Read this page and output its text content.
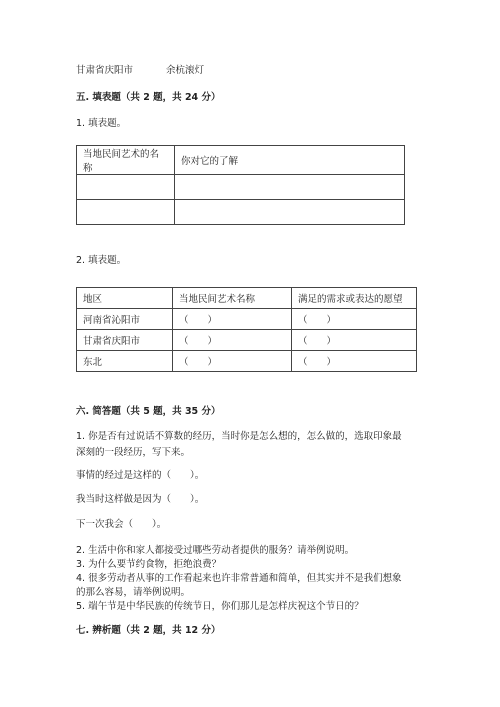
甘肃省庆阳市	余杭滚灯
五. 填表题（共 2 题，共 24 分）
1. 填表题。
当地民间艺术的名称	你对它的了解

2. 填表题。
地区	当地民间艺术名称	满足的需求或表达的愿望
河南省沁阳市	（　　）	（　　）
甘肃省庆阳市	（　　）	（　　）
东北	（　　）	（　　）
六. 简答题（共 5 题，共 35 分）
1. 你是否有过说话不算数的经历，当时你是怎么想的，怎么做的，选取印象最
深刻的一段经历，写下来。
事情的经过是这样的（　　）。
我当时这样做是因为（　　）。
下一次我会（　　）。
2. 生活中你和家人都接受过哪些劳动者提供的服务？请举例说明。
3. 为什么要节约食物，拒绝浪费？
4. 很多劳动者从事的工作看起来也许非常普通和简单，但其实并不是我们想象
的那么容易，请举例说明。
5. 端午节是中华民族的传统节日，你们那儿是怎样庆祝这个节日的？
七. 辨析题（共 2 题，共 12 分）
